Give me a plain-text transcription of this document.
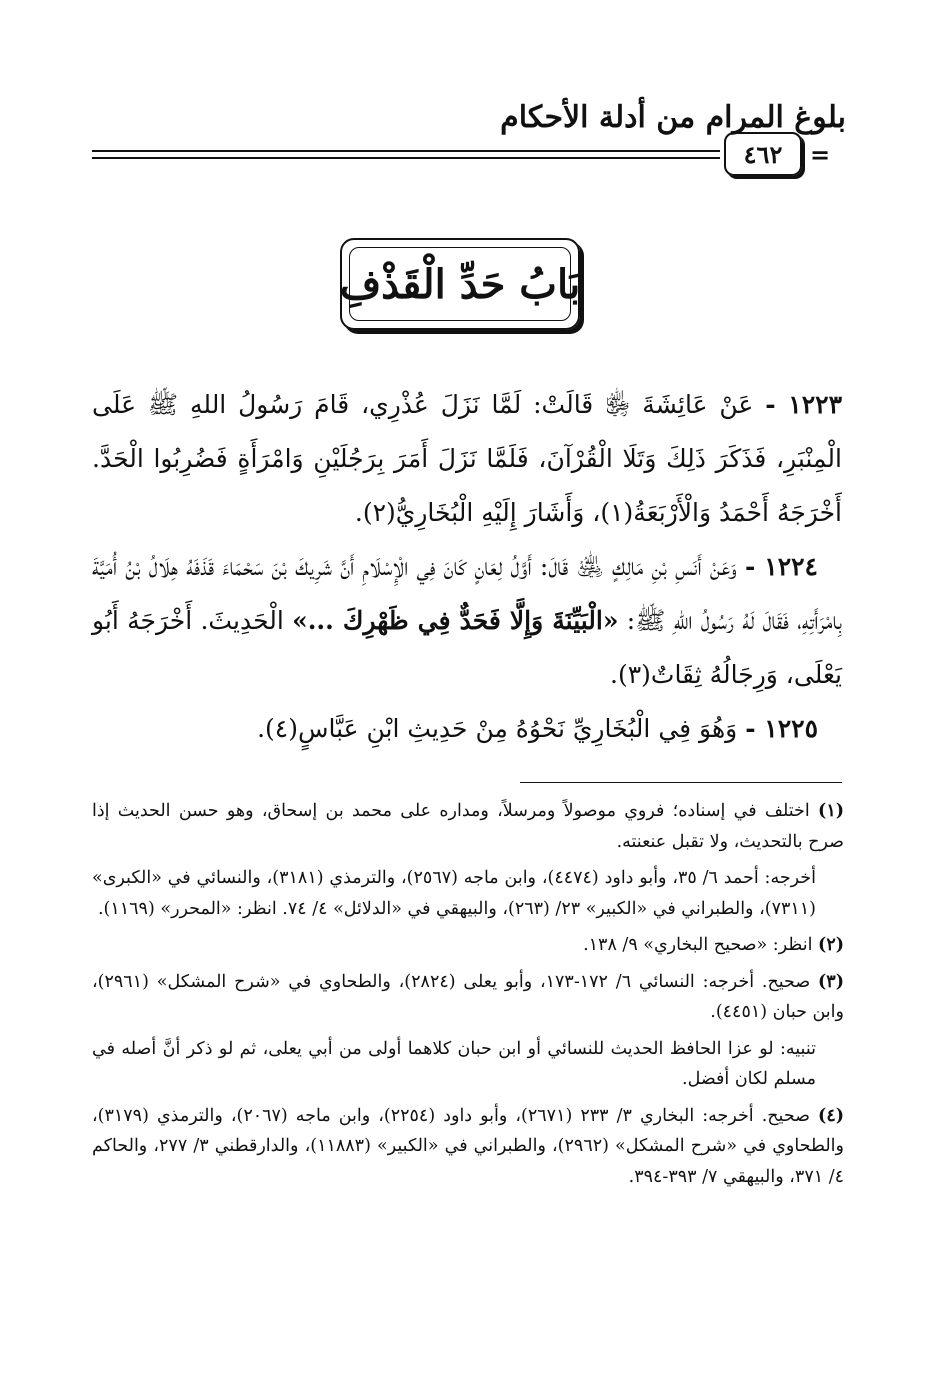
بلوغ المرام من أدلة الأحكام
٤٦٢	=
بَابُ حَدِّ الْقَذْفِ

١٢٢٣ - عَنْ عَائِشَةَ ﵂ قَالَتْ: لَمَّا نَزَلَ عُذْرِي، قَامَ رَسُولُ اللهِ ﷺ عَلَى الْمِنْبَرِ، فَذَكَرَ ذَلِكَ وَتَلَا الْقُرْآنَ، فَلَمَّا نَزَلَ أَمَرَ بِرَجُلَيْنِ وَامْرَأَةٍ فَضُرِبُوا الْحَدَّ. أَخْرَجَهُ أَحْمَدُ وَالْأَرْبَعَةُ(١)، وَأَشَارَ إِلَيْهِ الْبُخَارِيُّ(٢).

١٢٢٤ - وَعَنْ أَنَسِ بْنِ مَالِكٍ ﵁ قَالَ: أَوَّلُ لِعَانٍ كَانَ فِي الْإِسْلَامِ أَنَّ شَرِيكَ بْنَ سَحْمَاءَ قَذَفَهُ هِلَالُ بْنُ أُمَيَّةَ بِامْرَأَتِهِ، فَقَالَ لَهُ رَسُولُ اللهِ ﷺ: «الْبَيِّنَةَ وَإِلَّا فَحَدٌّ فِي ظَهْرِكَ ...» الْحَدِيثَ. أَخْرَجَهُ أَبُو يَعْلَى، وَرِجَالُهُ ثِقَاتٌ(٣).

١٢٢٥ - وَهُوَ فِي الْبُخَارِيِّ نَحْوُهُ مِنْ حَدِيثِ ابْنِ عَبَّاسٍ(٤).

(١) اختلف في إسناده؛ فروي موصولاً ومرسلاً، ومداره على محمد بن إسحاق، وهو حسن الحديث إذا صرح بالتحديث، ولا تقبل عنعنته.

أخرجه: أحمد ٦/ ٣٥، وأبو داود (٤٤٧٤)، وابن ماجه (٢٥٦٧)، والترمذي (٣١٨١)، والنسائي في «الكبرى» (٧٣١١)، والطبراني في «الكبير» ٢٣/ (٢٦٣)، والبيهقي في «الدلائل» ٤/ ٧٤. انظر: «المحرر» (١١٦٩).

(٢) انظر: «صحيح البخاري» ٩/ ١٣٨.

(٣) صحيح. أخرجه: النسائي ٦/ ١٧٢-١٧٣، وأبو يعلى (٢٨٢٤)، والطحاوي في «شرح المشكل» (٢٩٦١)، وابن حبان (٤٤٥١).

تنبيه: لو عزا الحافظ الحديث للنسائي أو ابن حبان كلاهما أولى من أبي يعلى، ثم لو ذكر أنَّ أصله في مسلم لكان أفضل.

(٤) صحيح. أخرجه: البخاري ٣/ ٢٣٣ (٢٦٧١)، وأبو داود (٢٢٥٤)، وابن ماجه (٢٠٦٧)، والترمذي (٣١٧٩)، والطحاوي في «شرح المشكل» (٢٩٦٢)، والطبراني في «الكبير» (١١٨٨٣)، والدارقطني ٣/ ٢٧٧، والحاكم ٤/ ٣٧١، والبيهقي ٧/ ٣٩٣-٣٩٤.
